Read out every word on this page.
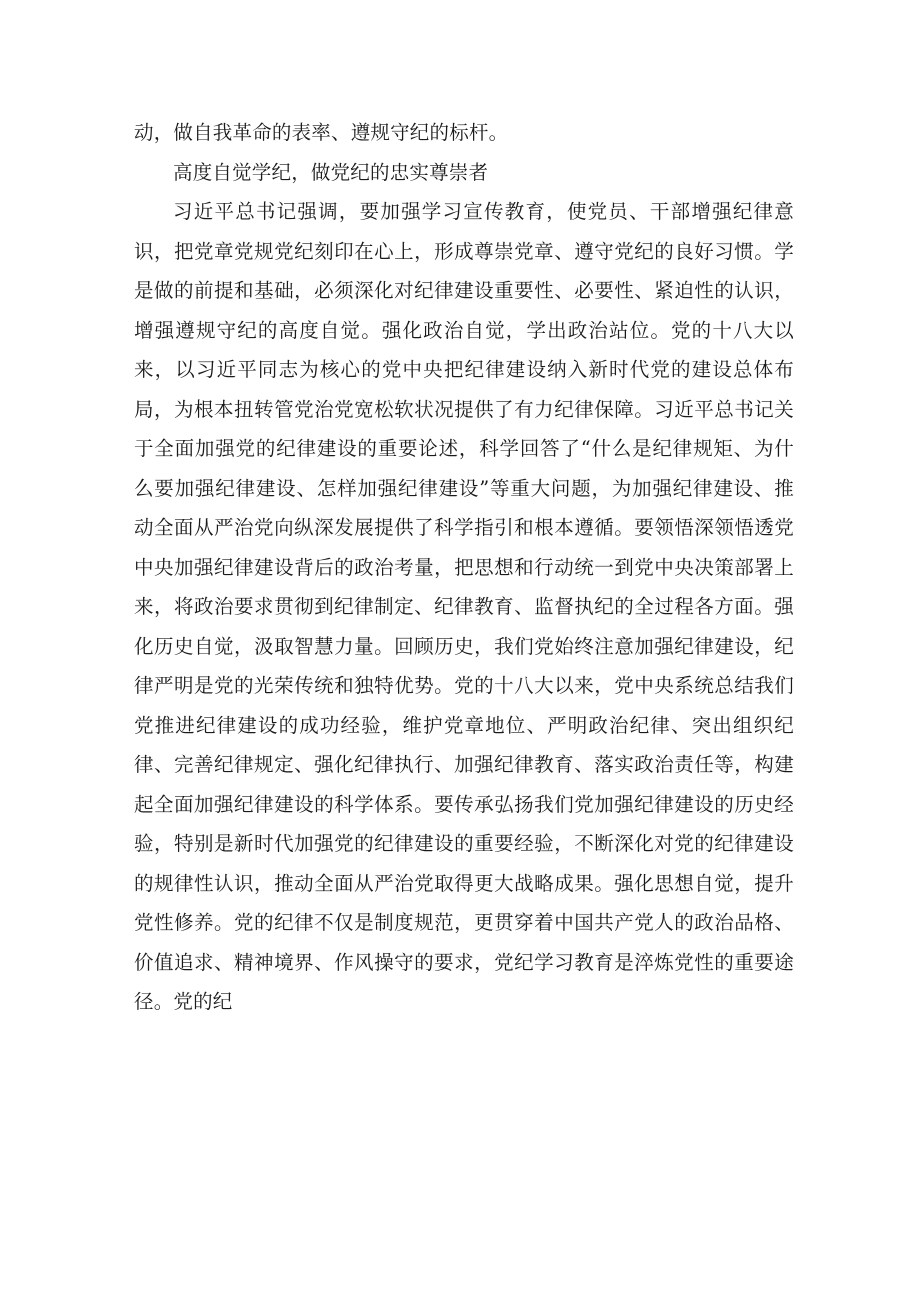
动，做自我革命的表率、遵规守纪的标杆。

高度自觉学纪，做党纪的忠实尊崇者

习近平总书记强调，要加强学习宣传教育，使党员、干部增强纪律意识，把党章党规党纪刻印在心上，形成尊崇党章、遵守党纪的良好习惯。学是做的前提和基础，必须深化对纪律建设重要性、必要性、紧迫性的认识，增强遵规守纪的高度自觉。强化政治自觉，学出政治站位。党的十八大以来，以习近平同志为核心的党中央把纪律建设纳入新时代党的建设总体布局，为根本扭转管党治党宽松软状况提供了有力纪律保障。习近平总书记关于全面加强党的纪律建设的重要论述，科学回答了“什么是纪律规矩、为什么要加强纪律建设、怎样加强纪律建设”等重大问题，为加强纪律建设、推动全面从严治党向纵深发展提供了科学指引和根本遵循。要领悟深领悟透党中央加强纪律建设背后的政治考量，把思想和行动统一到党中央决策部署上来，将政治要求贯彻到纪律制定、纪律教育、监督执纪的全过程各方面。强化历史自觉，汲取智慧力量。回顾历史，我们党始终注意加强纪律建设，纪律严明是党的光荣传统和独特优势。党的十八大以来，党中央系统总结我们党推进纪律建设的成功经验，维护党章地位、严明政治纪律、突出组织纪律、完善纪律规定、强化纪律执行、加强纪律教育、落实政治责任等，构建起全面加强纪律建设的科学体系。要传承弘扬我们党加强纪律建设的历史经验，特别是新时代加强党的纪律建设的重要经验，不断深化对党的纪律建设的规律性认识，推动全面从严治党取得更大战略成果。强化思想自觉，提升党性修养。党的纪律不仅是制度规范，更贯穿着中国共产党人的政治品格、价值追求、精神境界、作风操守的要求，党纪学习教育是淬炼党性的重要途径。党的纪
